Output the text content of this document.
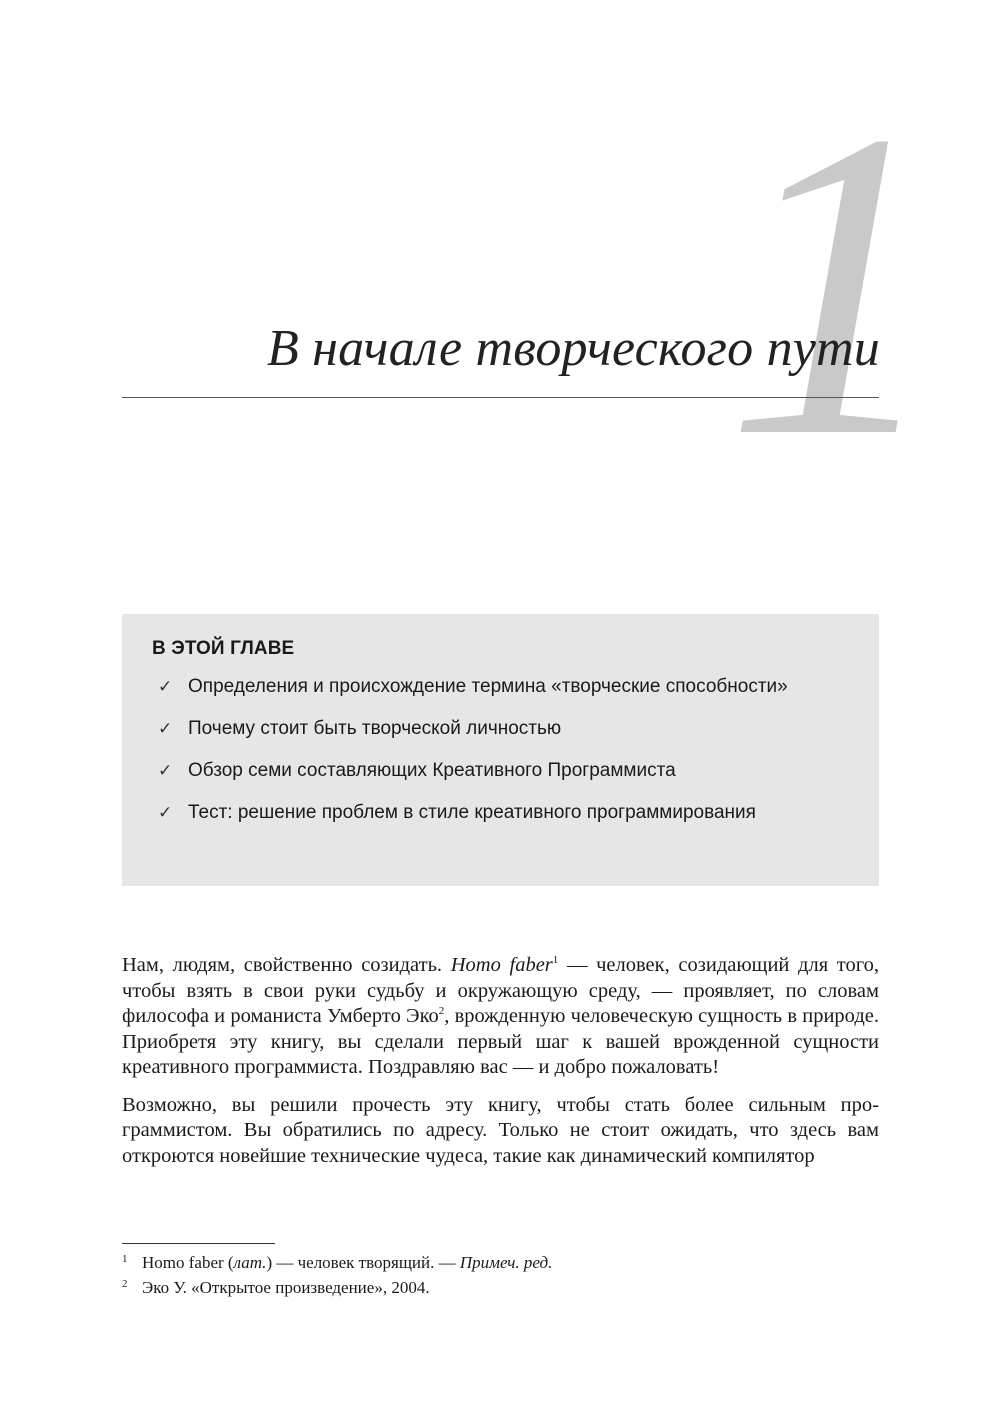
1
В начале творческого пути
В ЭТОЙ ГЛАВЕ
✓ Определения и происхождение термина «творческие способности»
✓ Почему стоит быть творческой личностью
✓ Обзор семи составляющих Креативного Программиста
✓ Тест: решение проблем в стиле креативного программирования

Нам, людям, свойственно созидать. Homo faber$^1$ — человек, созидающий для того, чтобы взять в свои руки судьбу и окружающую среду, — проявляет, по словам философа и романиста Умберто Эко$^2$, врожденную человеческую сущность в природе. Приобретя эту книгу, вы сделали первый шаг к вашей врожденной сущности креативного программиста. Поздравляю вас — и добро пожаловать!

Возможно, вы решили прочесть эту книгу, чтобы стать более сильным программистом. Вы обратились по адресу. Только не стоит ожидать, что здесь вам откроются новейшие технические чудеса, такие как динамический компилятор

1 Homo faber (лат.) — человек творящий. — Примеч. ред.
2 Эко У. «Открытое произведение», 2004.
